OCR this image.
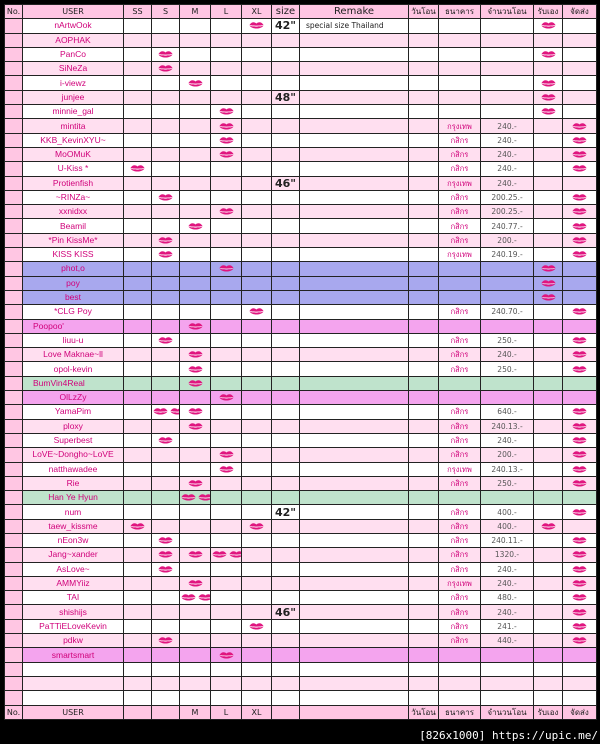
No.	USER	SS	S	M	L	XL	size	Remake	วันโอน	ธนาคาร	จำนวนโอน	รับเอง	จัดส่ง
	nArtwOok						42"	special size Thailand					
	AOPHAK												
	PanCo												
	SiNeZa												
	i-viewz												
	junjee						48"						
	minnie_gal												
	mintita									กรุงเทพ	240.-		
	KKB_KevinXYU~									กสิกร	240.-		
	MoOMuK									กสิกร	240.-		
	U-Kiss *									กสิกร	240.-		
	Protienfish						46"			กรุงเทพ	240.-		
	~RINZa~									กสิกร	200.25.-		
	xxnidxx									กสิกร	200.25.-		
	Beamil									กสิกร	240.77.-		
	*Pin KissMe*									กสิกร	200.-		
	KISS KISS									กรุงเทพ	240.19.-		
	phot,o												
	poy												
	best												
	*CLG Poy									กสิกร	240.70.-		
	Poopoo'												
	liuu-u									กสิกร	250.-		
	Love Maknae~ll									กสิกร	240.-		
	opol-kevin									กสิกร	250.-		
	BumVin4Real												
	OlLzZy												
	YamaPim									กสิกร	640.-		
	ploxy									กสิกร	240.13.-		
	Superbest									กสิกร	240.-		
	LoVE~Dongho~LoVE									กสิกร	200.-		
	natthawadee									กรุงเทพ	240.13.-		
	Rie									กสิกร	250.-		
	Han Ye Hyun												
	num						42"			กสิกร	400.-		
	taew_kissme									กสิกร	400.-		
	nEon3w									กสิกร	240.11.-		
	Jang~xander									กสิกร	1320.-		
	AsLove~									กสิกร	240.-		
	AMMYiiz									กรุงเทพ	240.-		
	TAI									กสิกร	480.-		
	shishijs						46"			กสิกร	240.-		
	PaTTiELoveKevin									กสิกร	241.-		
	pdkw									กสิกร	440.-		
	smartsmart												

No.	USER			M	L	XL			วันโอน	ธนาคาร	จำนวนโอน	รับเอง	จัดส่ง
[826x1000] https://upic.me/
